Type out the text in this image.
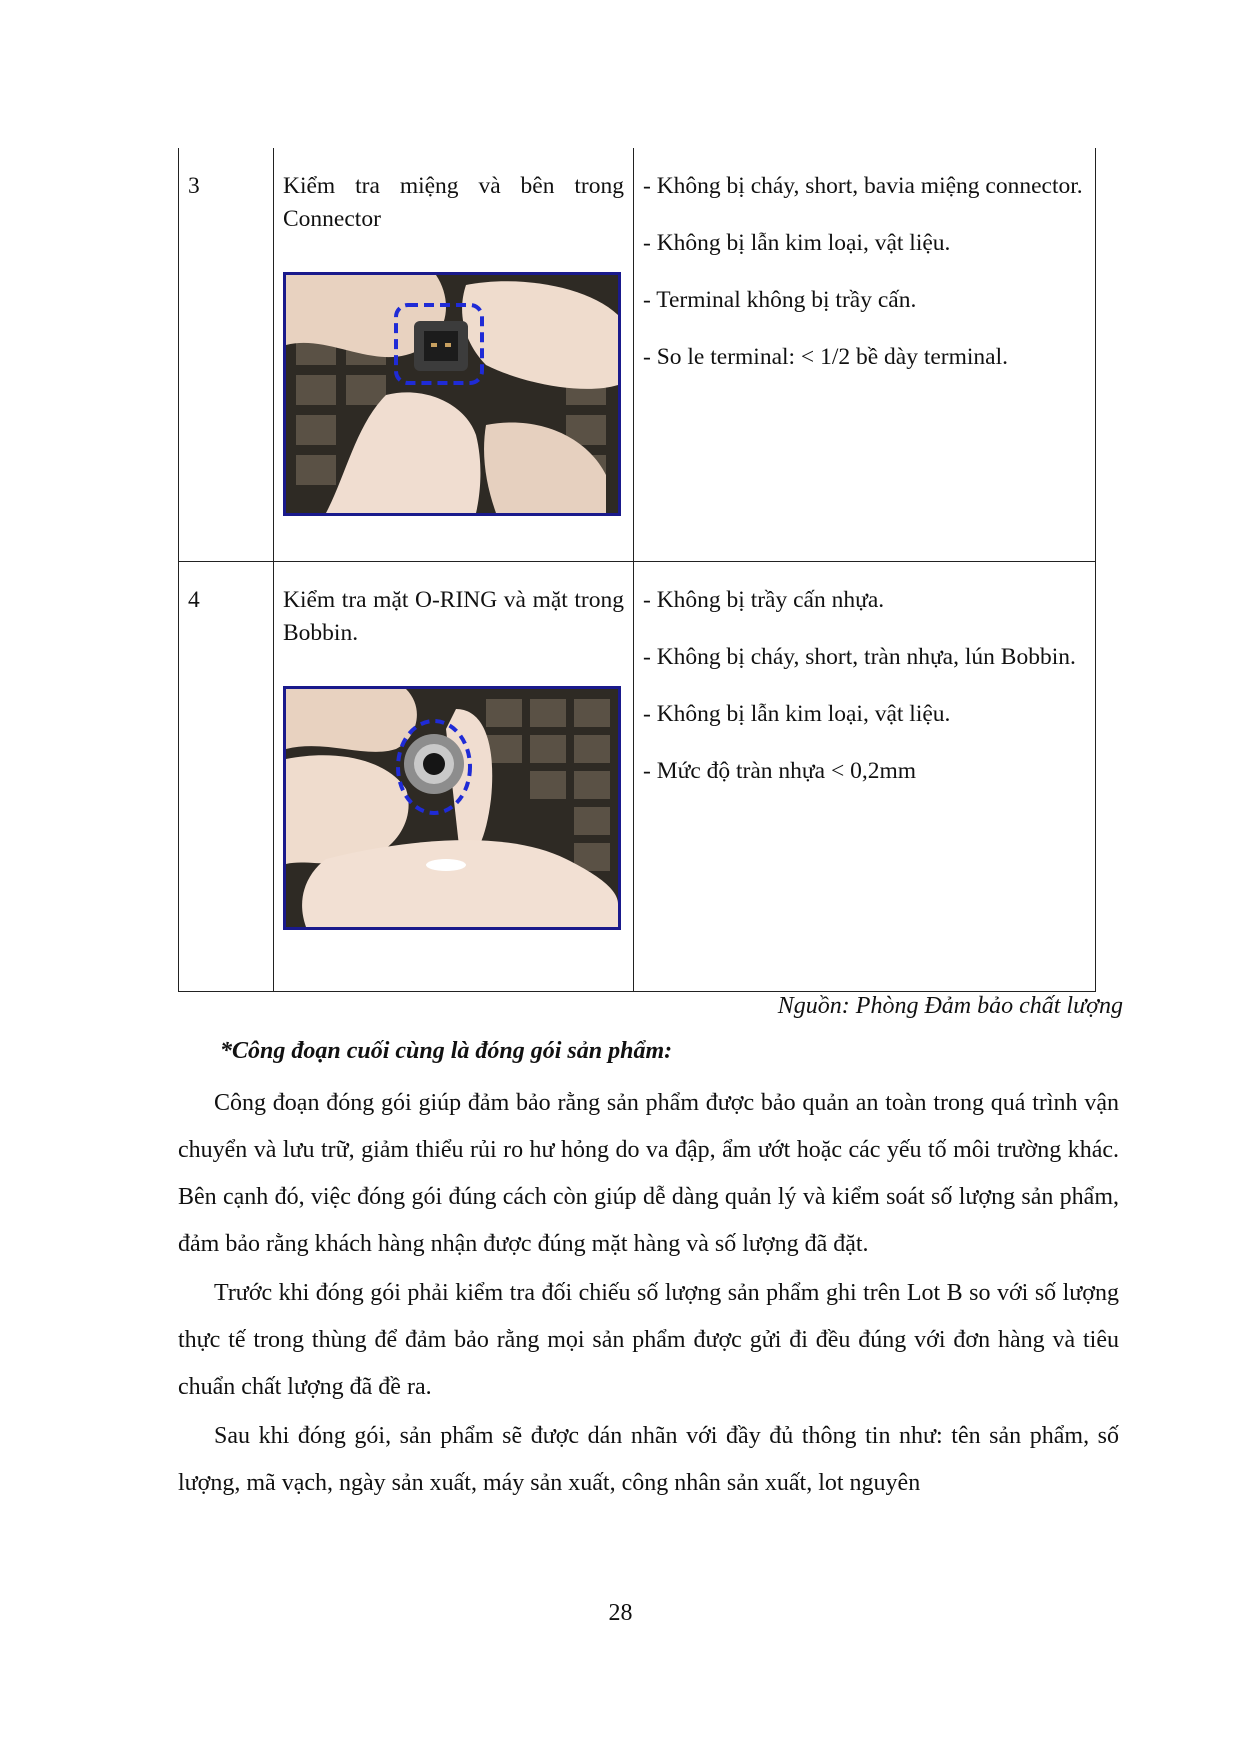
3	Kiểm tra miệng và bên trong Connector	- Không bị cháy, short, bavia miệng connector.

- Không bị lẫn kim loại, vật liệu.

- Terminal không bị trầy cấn.

- So le terminal: < 1/2 bề dày terminal.

4	Kiểm tra mặt O-RING và mặt trong Bobbin.	- Không bị trầy cấn nhựa.

- Không bị cháy, short, tràn nhựa, lún Bobbin.

- Không bị lẫn kim loại, vật liệu.

- Mức độ tràn nhựa < 0,2mm

Nguồn: Phòng Đảm bảo chất lượng
*Công đoạn cuối cùng là đóng gói sản phẩm:

Công đoạn đóng gói giúp đảm bảo rằng sản phẩm được bảo quản an toàn trong quá trình vận chuyển và lưu trữ, giảm thiểu rủi ro hư hỏng do va đập, ẩm ướt hoặc các yếu tố môi trường khác. Bên cạnh đó, việc đóng gói đúng cách còn giúp dễ dàng quản lý và kiểm soát số lượng sản phẩm, đảm bảo rằng khách hàng nhận được đúng mặt hàng và số lượng đã đặt.

Trước khi đóng gói phải kiểm tra đối chiếu số lượng sản phẩm ghi trên Lot B so với số lượng thực tế trong thùng để đảm bảo rằng mọi sản phẩm được gửi đi đều đúng với đơn hàng và tiêu chuẩn chất lượng đã đề ra.

Sau khi đóng gói, sản phẩm sẽ được dán nhãn với đầy đủ thông tin như: tên sản phẩm, số lượng, mã vạch, ngày sản xuất, máy sản xuất, công nhân sản xuất, lot nguyên

28
